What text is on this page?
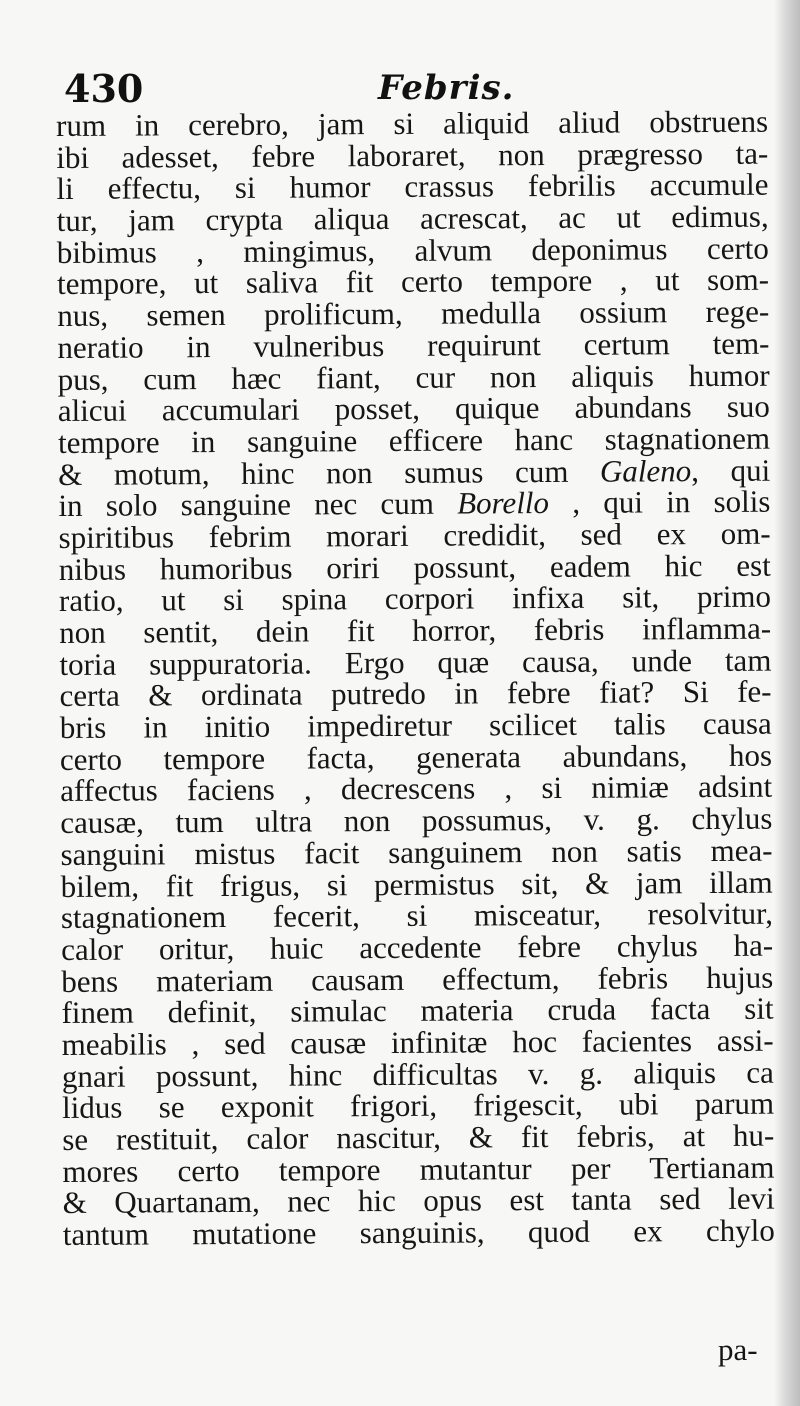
430	Febris.
rum in cerebro, jam si aliquid aliud obstruens
ibi adesset, febre laboraret, non prægresso ta-
li effectu, si humor crassus febrilis accumule
tur, jam crypta aliqua acrescat, ac ut edimus,
bibimus , mingimus, alvum deponimus certo
tempore, ut saliva fit certo tempore , ut som-
nus, semen prolificum, medulla ossium rege-
neratio in vulneribus requirunt certum tem-
pus, cum hæc fiant, cur non aliquis humor
alicui accumulari posset, quique abundans suo
tempore in sanguine efficere hanc stagnationem
& motum, hinc non sumus cum Galeno, qui
in solo sanguine nec cum Borello , qui in solis
spiritibus febrim morari credidit, sed ex om-
nibus humoribus oriri possunt, eadem hic est
ratio, ut si spina corpori infixa sit, primo
non sentit, dein fit horror, febris inflamma-
toria suppuratoria. Ergo quæ causa, unde tam
certa & ordinata putredo in febre fiat? Si fe-
bris in initio impediretur scilicet talis causa
certo tempore facta, generata abundans, hos
affectus faciens , decrescens , si nimiæ adsint
causæ, tum ultra non possumus, v. g. chylus
sanguini mistus facit sanguinem non satis mea-
bilem, fit frigus, si permistus sit, & jam illam
stagnationem fecerit, si misceatur, resolvitur,
calor oritur, huic accedente febre chylus ha-
bens materiam causam effectum, febris hujus
finem definit, simulac materia cruda facta sit
meabilis , sed causæ infinitæ hoc facientes assi-
gnari possunt, hinc difficultas v. g. aliquis ca
lidus se exponit frigori, frigescit, ubi parum
se restituit, calor nascitur, & fit febris, at hu-
mores certo tempore mutantur per Tertianam
& Quartanam, nec hic opus est tanta sed levi
tantum mutatione sanguinis, quod ex chylo
pa-
